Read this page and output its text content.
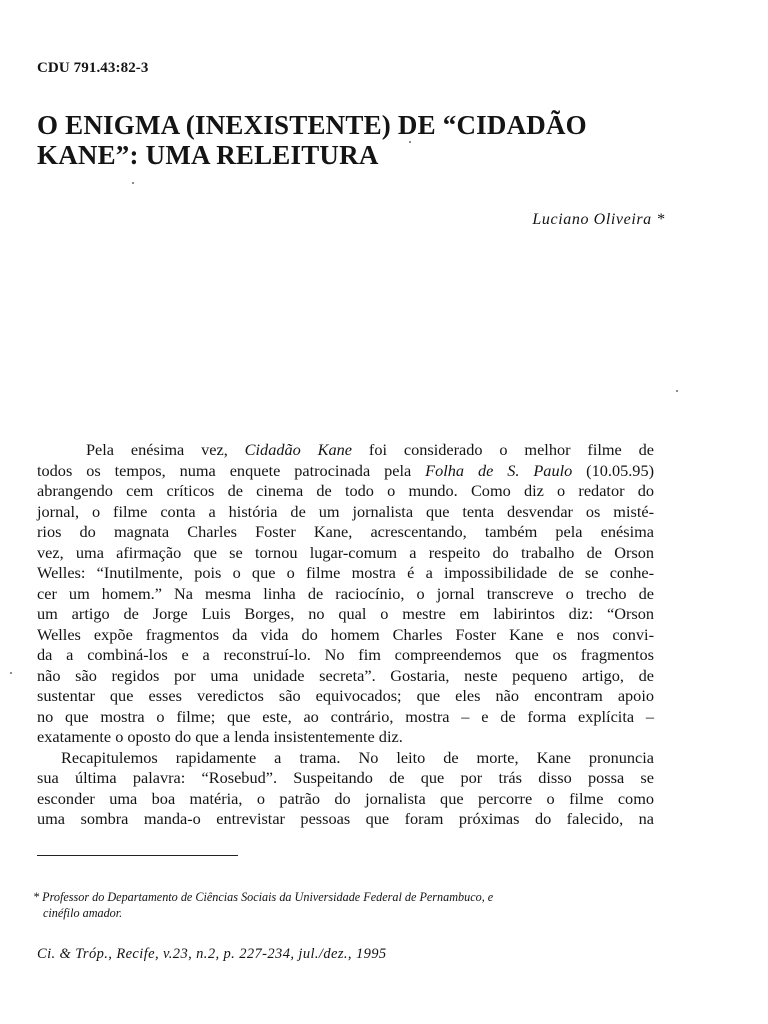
CDU 791.43:82-3
O ENIGMA (INEXISTENTE) DE “CIDADÃO
KANE”: UMA RELEITURA
Luciano Oliveira *
Pela enésima vez, Cidadão Kane foi considerado o melhor filme de
todos os tempos, numa enquete patrocinada pela Folha de S. Paulo (10.05.95)
abrangendo cem críticos de cinema de todo o mundo. Como diz o redator do
jornal, o filme conta a história de um jornalista que tenta desvendar os misté-
rios do magnata Charles Foster Kane, acrescentando, também pela enésima
vez, uma afirmação que se tornou lugar-comum a respeito do trabalho de Orson
Welles: “Inutilmente, pois o que o filme mostra é a impossibilidade de se conhe-
cer um homem.” Na mesma linha de raciocínio, o jornal transcreve o trecho de
um artigo de Jorge Luis Borges, no qual o mestre em labirintos diz: “Orson
Welles expõe fragmentos da vida do homem Charles Foster Kane e nos convi-
da a combiná-los e a reconstruí-lo. No fim compreendemos que os fragmentos
não são regidos por uma unidade secreta”. Gostaria, neste pequeno artigo, de
sustentar que esses veredictos são equivocados; que eles não encontram apoio
no que mostra o filme; que este, ao contrário, mostra – e de forma explícita –
exatamente o oposto do que a lenda insistentemente diz.
Recapitulemos rapidamente a trama. No leito de morte, Kane pronuncia
sua última palavra: “Rosebud”. Suspeitando de que por trás disso possa se
esconder uma boa matéria, o patrão do jornalista que percorre o filme como
uma sombra manda-o entrevistar pessoas que foram próximas do falecido, na
* Professor do Departamento de Ciências Sociais da Universidade Federal de Pernambuco, e
cinéfilo amador.
Ci. & Tróp., Recife, v.23, n.2, p. 227-234, jul./dez., 1995
